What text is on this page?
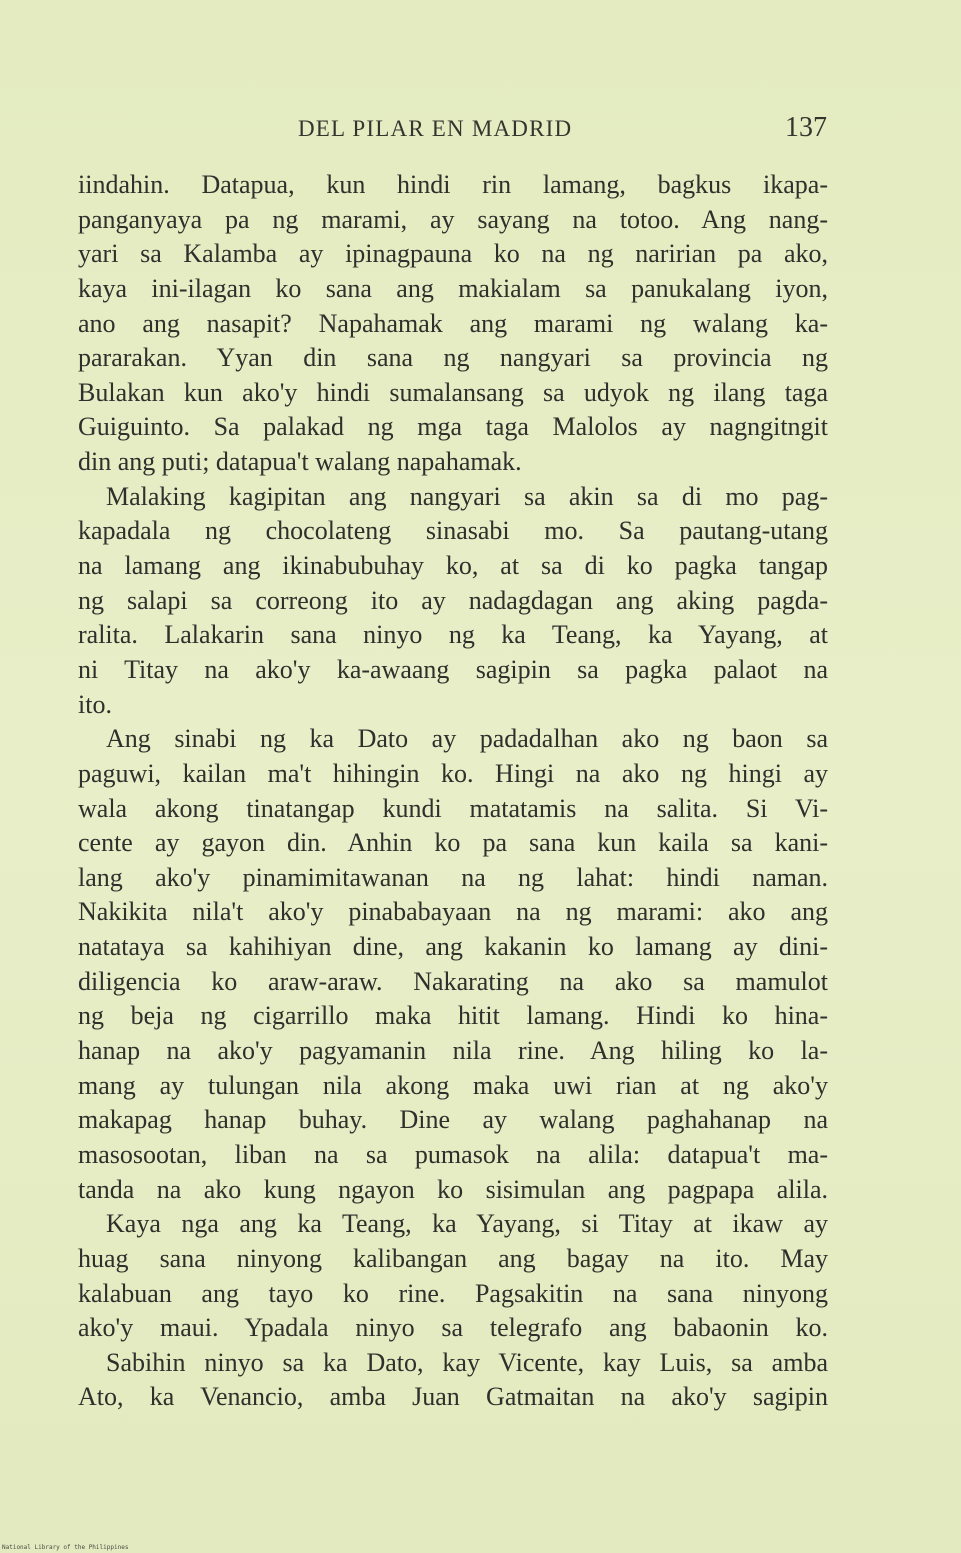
DEL PILAR EN MADRID	137
iindahin. Datapua, kun hindi rin lamang, bagkus ikapa-
panganyaya pa ng marami, ay sayang na totoo. Ang nang-
yari sa Kalamba ay ipinagpauna ko na ng naririan pa ako,
kaya ini-ilagan ko sana ang makialam sa panukalang iyon,
ano ang nasapit? Napahamak ang marami ng walang ka-
pararakan. Yyan din sana ng nangyari sa provincia ng
Bulakan kun ako'y hindi sumalansang sa udyok ng ilang taga
Guiguinto. Sa palakad ng mga taga Malolos ay nagngitngit
din ang puti; datapua't walang napahamak.
Malaking kagipitan ang nangyari sa akin sa di mo pag-
kapadala ng chocolateng sinasabi mo. Sa pautang-utang
na lamang ang ikinabubuhay ko, at sa di ko pagka tangap
ng salapi sa correong ito ay nadagdagan ang aking pagda-
ralita. Lalakarin sana ninyo ng ka Teang, ka Yayang, at
ni Titay na ako'y ka-awaang sagipin sa pagka palaot na
ito.
Ang sinabi ng ka Dato ay padadalhan ako ng baon sa
paguwi, kailan ma't hihingin ko. Hingi na ako ng hingi ay
wala akong tinatangap kundi matatamis na salita. Si Vi-
cente ay gayon din. Anhin ko pa sana kun kaila sa kani-
lang ako'y pinamimitawanan na ng lahat: hindi naman.
Nakikita nila't ako'y pinababayaan na ng marami: ako ang
natataya sa kahihiyan dine, ang kakanin ko lamang ay dini-
diligencia ko araw-araw. Nakarating na ako sa mamulot
ng beja ng cigarrillo maka hitit lamang. Hindi ko hina-
hanap na ako'y pagyamanin nila rine. Ang hiling ko la-
mang ay tulungan nila akong maka uwi rian at ng ako'y
makapag hanap buhay. Dine ay walang paghahanap na
masosootan, liban na sa pumasok na alila: datapua't ma-
tanda na ako kung ngayon ko sisimulan ang pagpapa alila.
Kaya nga ang ka Teang, ka Yayang, si Titay at ikaw ay
huag sana ninyong kalibangan ang bagay na ito. May
kalabuan ang tayo ko rine. Pagsakitin na sana ninyong
ako'y maui. Ypadala ninyo sa telegrafo ang babaonin ko.
Sabihin ninyo sa ka Dato, kay Vicente, kay Luis, sa amba
Ato, ka Venancio, amba Juan Gatmaitan na ako'y sagipin
National Library of the Philippines
